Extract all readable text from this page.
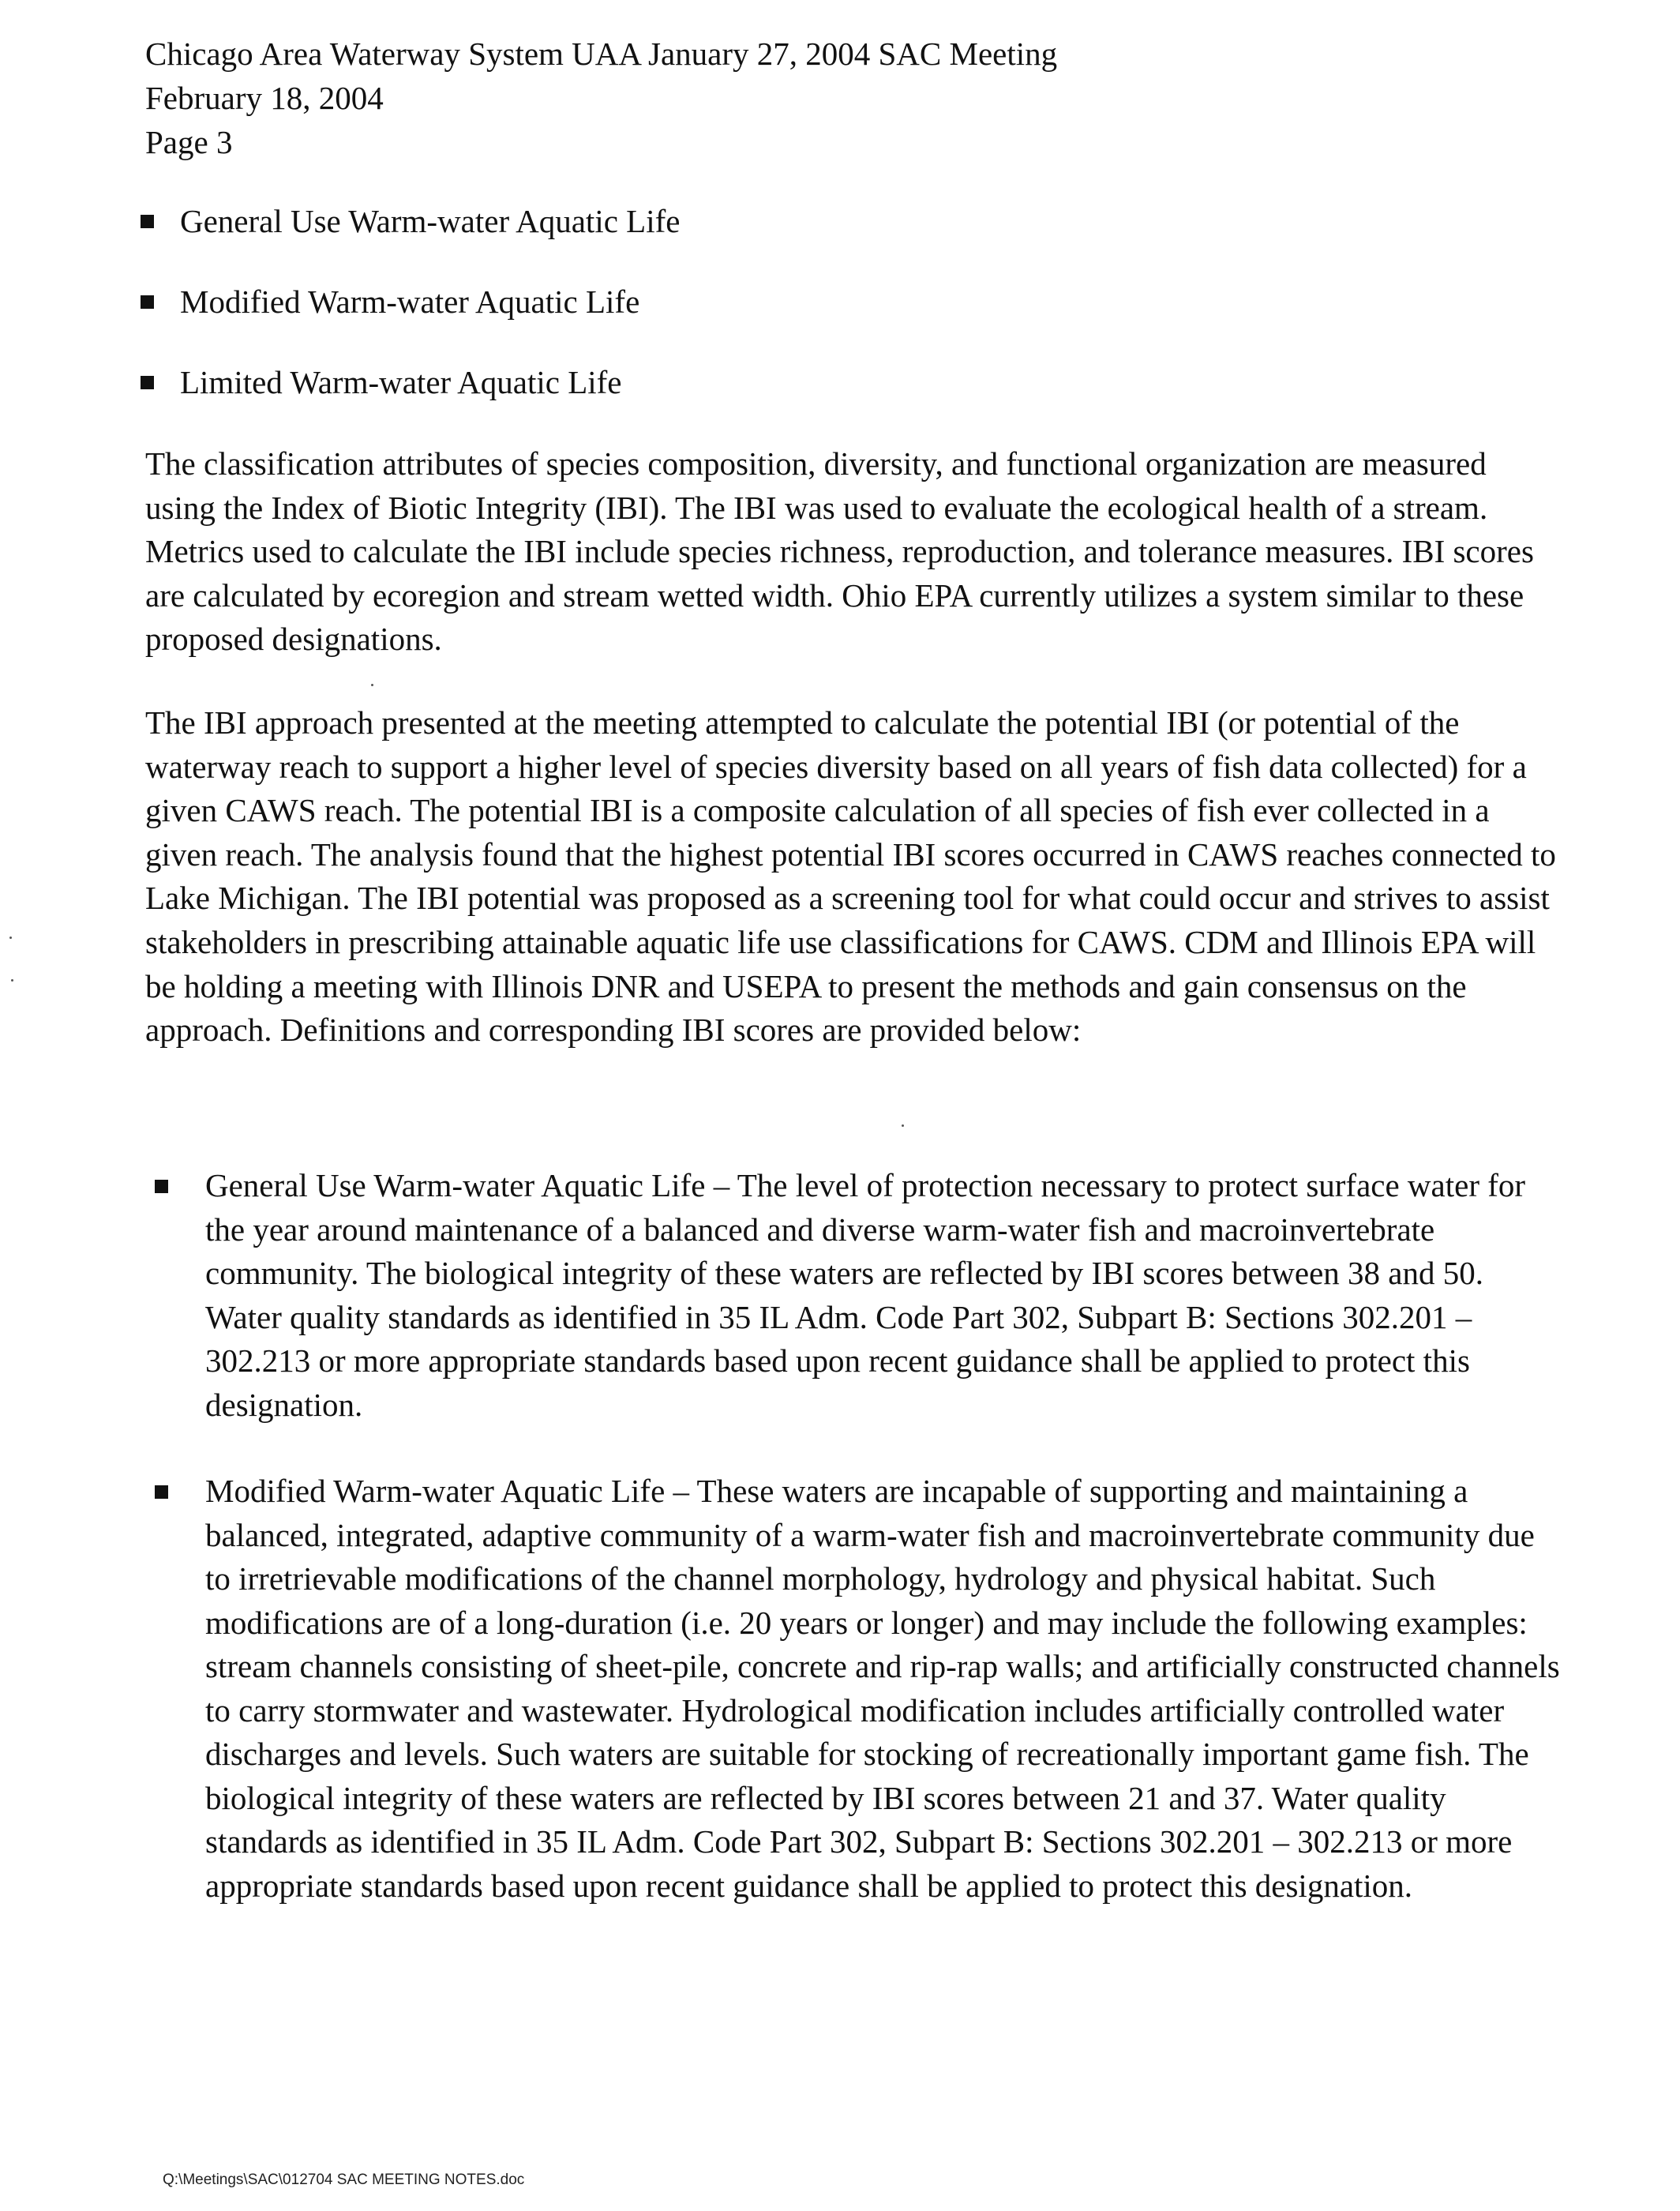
Chicago Area Waterway System UAA January 27, 2004 SAC Meeting
February 18, 2004
Page 3
General Use Warm-water Aquatic Life
Modified Warm-water Aquatic Life
Limited Warm-water Aquatic Life

The classification attributes of species composition, diversity, and functional organization are measured using the Index of Biotic Integrity (IBI). The IBI was used to evaluate the ecological health of a stream. Metrics used to calculate the IBI include species richness, reproduction, and tolerance measures. IBI scores are calculated by ecoregion and stream wetted width. Ohio EPA currently utilizes a system similar to these proposed designations.

The IBI approach presented at the meeting attempted to calculate the potential IBI (or potential of the waterway reach to support a higher level of species diversity based on all years of fish data collected) for a given CAWS reach. The potential IBI is a composite calculation of all species of fish ever collected in a given reach. The analysis found that the highest potential IBI scores occurred in CAWS reaches connected to Lake Michigan. The IBI potential was proposed as a screening tool for what could occur and strives to assist stakeholders in prescribing attainable aquatic life use classifications for CAWS. CDM and Illinois EPA will be holding a meeting with Illinois DNR and USEPA to present the methods and gain consensus on the approach. Definitions and corresponding IBI scores are provided below:

General Use Warm-water Aquatic Life – The level of protection necessary to protect surface water for the year around maintenance of a balanced and diverse warm-water fish and macroinvertebrate community. The biological integrity of these waters are reflected by IBI scores between 38 and 50. Water quality standards as identified in 35 IL Adm. Code Part 302, Subpart B: Sections 302.201 – 302.213 or more appropriate standards based upon recent guidance shall be applied to protect this designation.
Modified Warm-water Aquatic Life – These waters are incapable of supporting and maintaining a balanced, integrated, adaptive community of a warm-water fish and macroinvertebrate community due to irretrievable modifications of the channel morphology, hydrology and physical habitat. Such modifications are of a long-duration (i.e. 20 years or longer) and may include the following examples: stream channels consisting of sheet-pile, concrete and rip-rap walls; and artificially constructed channels to carry stormwater and wastewater. Hydrological modification includes artificially controlled water discharges and levels. Such waters are suitable for stocking of recreationally important game fish. The biological integrity of these waters are reflected by IBI scores between 21 and 37. Water quality standards as identified in 35 IL Adm. Code Part 302, Subpart B: Sections 302.201 – 302.213 or more appropriate standards based upon recent guidance shall be applied to protect this designation.
Q:\Meetings\SAC\012704 SAC MEETING NOTES.doc
